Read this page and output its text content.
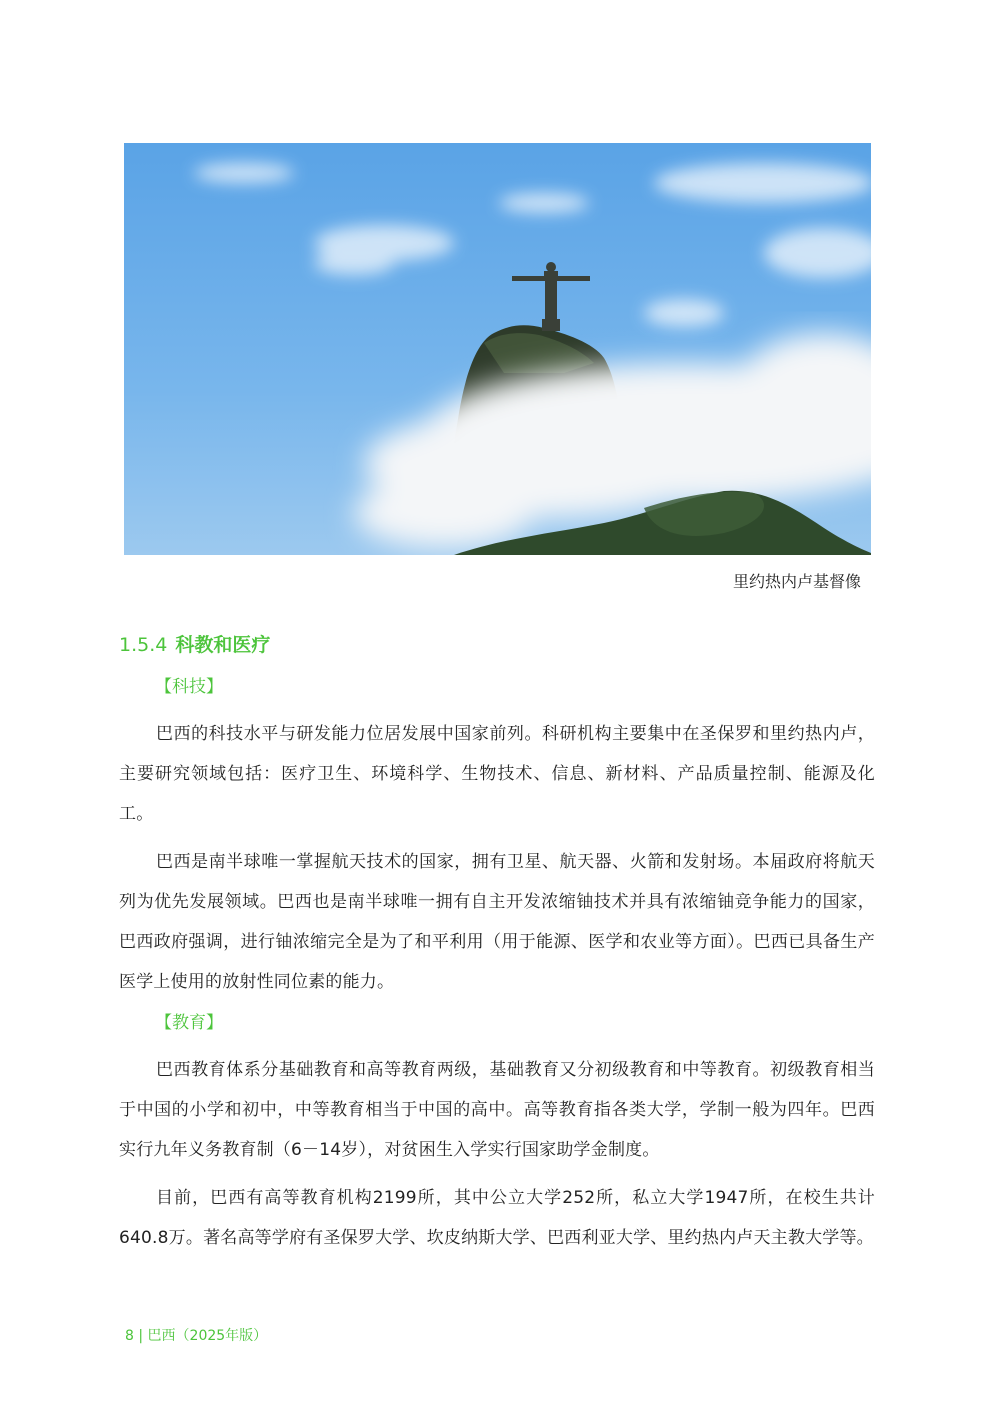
里约热内卢基督像
1.5.4 科教和医疗
【科技】

巴西的科技水平与研发能力位居发展中国家前列。科研机构主要集中在圣保罗和里约热内卢，主要研究领域包括：医疗卫生、环境科学、生物技术、信息、新材料、产品质量控制、能源及化工。

巴西是南半球唯一掌握航天技术的国家，拥有卫星、航天器、火箭和发射场。本届政府将航天列为优先发展领域。巴西也是南半球唯一拥有自主开发浓缩铀技术并具有浓缩铀竞争能力的国家，巴西政府强调，进行铀浓缩完全是为了和平利用（用于能源、医学和农业等方面）。巴西已具备生产医学上使用的放射性同位素的能力。

【教育】

巴西教育体系分基础教育和高等教育两级，基础教育又分初级教育和中等教育。初级教育相当于中国的小学和初中，中等教育相当于中国的高中。高等教育指各类大学，学制一般为四年。巴西实行九年义务教育制（6－14岁），对贫困生入学实行国家助学金制度。

目前，巴西有高等教育机构2199所，其中公立大学252所，私立大学1947所，在校生共计640.8万。著名高等学府有圣保罗大学、坎皮纳斯大学、巴西利亚大学、里约热内卢天主教大学等。

8 | 巴西（2025年版）
